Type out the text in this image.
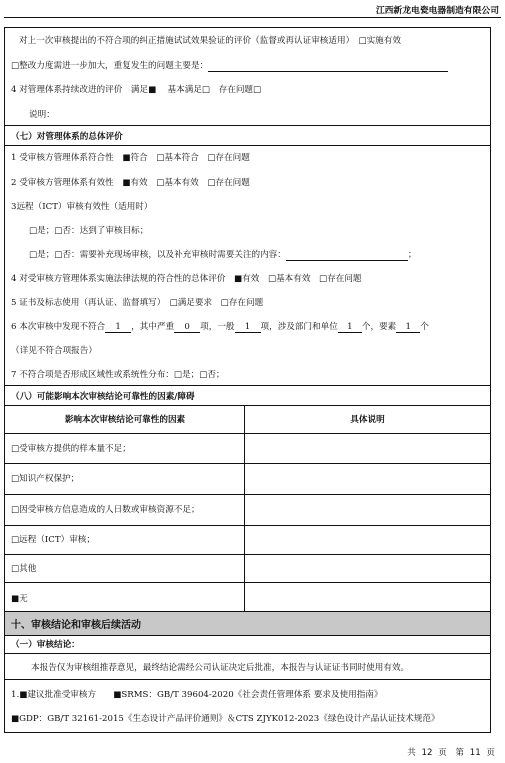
江西新龙电瓷电器制造有限公司
对上一次审核提出的不符合项的纠正措施试试效果验证的评价（监督或再认证审核适用）　□实施有效
□整改力度需进一步加大，重复发生的问题主要是：
4 对管理体系持续改进的评价　满足■　 基本满足□　存在问题□
说明：
（七）对管理体系的总体评价
1 受审核方管理体系符合性　■符合　□基本符合　□存在问题
2 受审核方管理体系有效性　■有效　□基本有效　□存在问题
3远程（ICT）审核有效性（适用时）
□是；□否：达到了审核目标；
□是；□否：需要补充现场审核，以及补充审核时需要关注的内容：	；
4 对受审核方管理体系实施法律法规的符合性的总体评价　■有效　□基本有效　□存在问题
5 证书及标志使用（再认证、监督填写）　□满足要求　□存在问题
6 本次审核中发现不符合 1 ，其中严重 0 项，一般 1 项，涉及部门和单位 1 个，要素 1 个
（详见不符合项报告）
7 不符合项是否形成区域性或系统性分布：□是；□否；
（八）可能影响本次审核结论可靠性的因素/障碍
影响本次审核结论可靠性的因素	具体说明
□受审核方提供的样本量不足；
□知识产权保护；
□因受审核方信息造成的人日数或审核资源不足；
□远程（ICT）审核；
□其他
■无
十、审核结论和审核后续活动
（一）审核结论：
本报告仅为审核组推荐意见，最终结论需经公司认证决定后批准，本报告与认证证书同时使用有效。
1.■建议批准受审核方　　■SRMS：GB/T 39604-2020《社会责任管理体系 要求及使用指南》
■GDP：GB/T 32161-2015《生态设计产品评价通则》＆CTS ZJYK012-2023《绿色设计产品认证技术规范》
共 12 页　第 11 页
